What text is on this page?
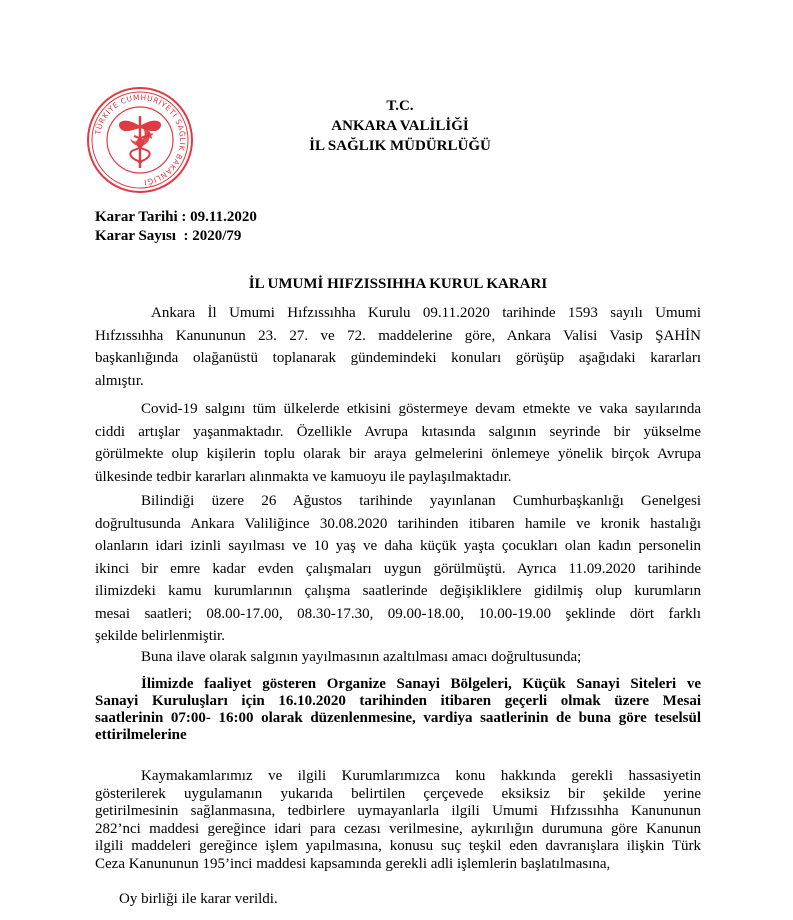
TÜRKİYE CUMHURİYETİ SAĞLIK BAKANLIĞI
T.C.
ANKARA VALİLİĞİ
İL SAĞLIK MÜDÜRLÜĞÜ
Karar Tarihi : 09.11.2020
Karar Sayısı  : 2020/79
İL UMUMİ HIFZISSIHHA KURUL KARARI
Ankara İl Umumi Hıfzıssıhha Kurulu 09.11.2020 tarihinde 1593 sayılı Umumi
Hıfzıssıhha Kanununun 23. 27. ve 72. maddelerine göre, Ankara Valisi Vasip ŞAHİN
başkanlığında olağanüstü toplanarak gündemindeki konuları görüşüp aşağıdaki kararları
almıştır.
Covid-19 salgını tüm ülkelerde etkisini göstermeye devam etmekte ve vaka sayılarında
ciddi artışlar yaşanmaktadır. Özellikle Avrupa kıtasında salgının seyrinde bir yükselme
görülmekte olup kişilerin toplu olarak bir araya gelmelerini önlemeye yönelik birçok Avrupa
ülkesinde tedbir kararları alınmakta ve kamuoyu ile paylaşılmaktadır.
Bilindiği üzere 26 Ağustos tarihinde yayınlanan Cumhurbaşkanlığı Genelgesi
doğrultusunda Ankara Valiliğince 30.08.2020 tarihinden itibaren hamile ve kronik hastalığı
olanların idari izinli sayılması ve 10 yaş ve daha küçük yaşta çocukları olan kadın personelin
ikinci bir emre kadar evden çalışmaları uygun görülmüştü. Ayrıca 11.09.2020 tarihinde
ilimizdeki kamu kurumlarının çalışma saatlerinde değişikliklere gidilmiş olup kurumların
mesai saatleri; 08.00-17.00, 08.30-17.30, 09.00-18.00, 10.00-19.00 şeklinde dört farklı
şekilde belirlenmiştir.
Buna ilave olarak salgının yayılmasının azaltılması amacı doğrultusunda;
İlimizde faaliyet gösteren Organize Sanayi Bölgeleri, Küçük Sanayi Siteleri ve
Sanayi Kuruluşları için 16.10.2020 tarihinden itibaren geçerli olmak üzere Mesai
saatlerinin 07:00- 16:00 olarak düzenlenmesine, vardiya saatlerinin de buna göre teselsül
ettirilmelerine
Kaymakamlarımız ve ilgili Kurumlarımızca konu hakkında gerekli hassasiyetin
gösterilerek uygulamanın yukarıda belirtilen çerçevede eksiksiz bir şekilde yerine
getirilmesinin sağlanmasına, tedbirlere uymayanlarla ilgili Umumi Hıfzıssıhha Kanununun
282’nci maddesi gereğince idari para cezası verilmesine, aykırılığın durumuna göre Kanunun
ilgili maddeleri gereğince işlem yapılmasına, konusu suç teşkil eden davranışlara ilişkin Türk
Ceza Kanununun 195’inci maddesi kapsamında gerekli adli işlemlerin başlatılmasına,
Oy birliği ile karar verildi.
